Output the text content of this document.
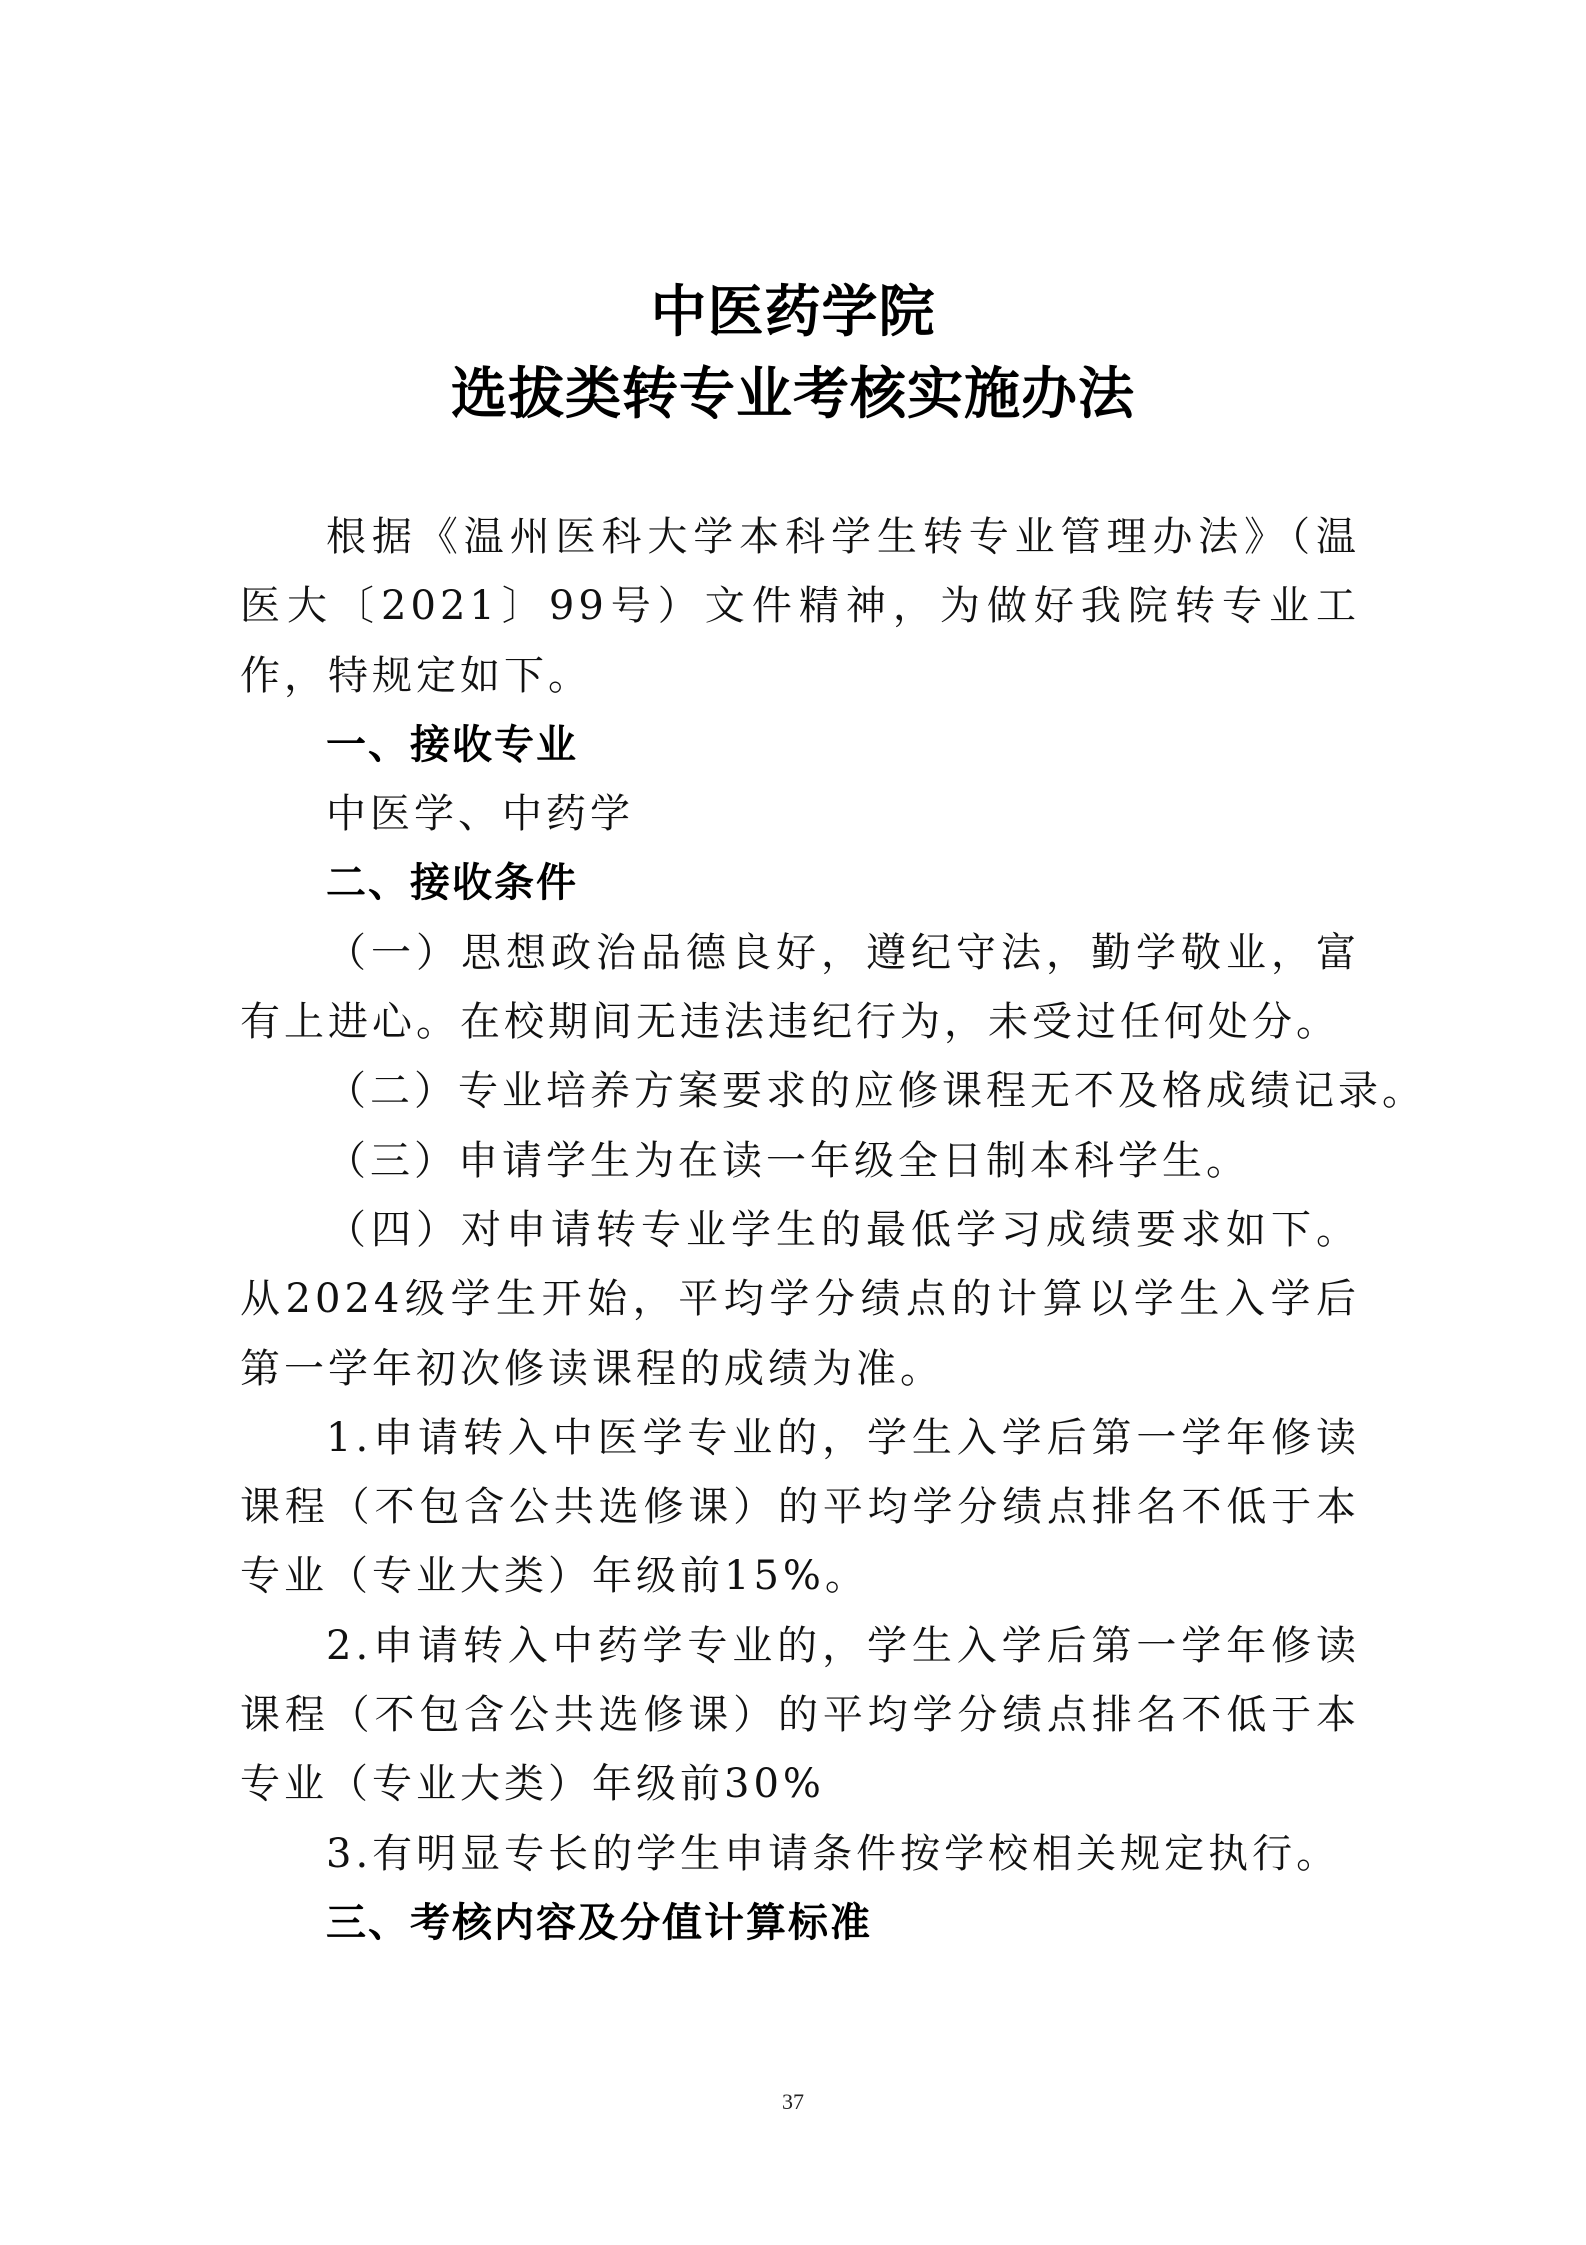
中医药学院
选拔类转专业考核实施办法

根据《温州医科大学本科学生转专业管理办法》（温医大〔2021〕99号）文件精神，为做好我院转专业工作，特规定如下。

一、接收专业

中医学、中药学

二、接收条件

（一）思想政治品德良好，遵纪守法，勤学敬业，富有上进心。在校期间无违法违纪行为，未受过任何处分。

（二）专业培养方案要求的应修课程无不及格成绩记录。

（三）申请学生为在读一年级全日制本科学生。

（四）对申请转专业学生的最低学习成绩要求如下。从2024级学生开始，平均学分绩点的计算以学生入学后第一学年初次修读课程的成绩为准。

1.申请转入中医学专业的，学生入学后第一学年修读课程（不包含公共选修课）的平均学分绩点排名不低于本专业（专业大类）年级前15%。

2.申请转入中药学专业的，学生入学后第一学年修读课程（不包含公共选修课）的平均学分绩点排名不低于本专业（专业大类）年级前30%

3.有明显专长的学生申请条件按学校相关规定执行。

三、考核内容及分值计算标准

37
